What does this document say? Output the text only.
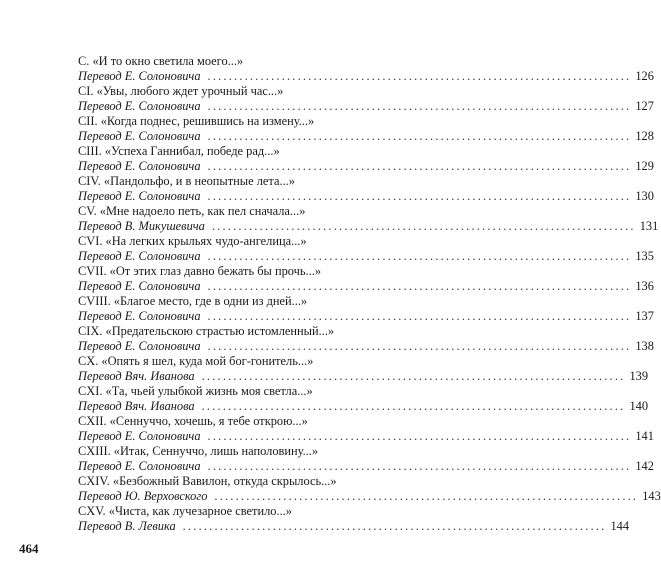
C. «И то окно светила моего...»
Перевод Е. Солоновича ................................................................................ 126
CI. «Увы, любого ждет урочный час...»
Перевод Е. Солоновича ................................................................................ 127
CII. «Когда поднес, решившись на измену...»
Перевод Е. Солоновича ................................................................................ 128
CIII. «Успеха Ганнибал, победе рад...»
Перевод Е. Солоновича ................................................................................ 129
CIV. «Пандольфо, и в неопытные лета...»
Перевод Е. Солоновича ................................................................................ 130
CV. «Мне надоело петь, как пел сначала...»
Перевод В. Микушевича ................................................................................ 131
CVI. «На легких крыльях чудо-ангелица...»
Перевод Е. Солоновича ................................................................................ 135
CVII. «От этих глаз давно бежать бы прочь...»
Перевод Е. Солоновича ................................................................................ 136
CVIII. «Благое место, где в одни из дней...»
Перевод Е. Солоновича ................................................................................ 137
CIX. «Предательскою страстью истомленный...»
Перевод Е. Солоновича ................................................................................ 138
CX. «Опять я шел, куда мой бог-гонитель...»
Перевод Вяч. Иванова ................................................................................ 139
CXI. «Та, чьей улыбкой жизнь моя светла...»
Перевод Вяч. Иванова ................................................................................ 140
CXII. «Сеннуччо, хочешь, я тебе открою...»
Перевод Е. Солоновича ................................................................................ 141
CXIII. «Итак, Сеннуччо, лишь наполовину...»
Перевод Е. Солоновича ................................................................................ 142
CXIV. «Безбожный Вавилон, откуда скрылось...»
Перевод Ю. Верховского ................................................................................ 143
CXV. «Чиста, как лучезарное светило...»
Перевод В. Левика ................................................................................ 144
464
